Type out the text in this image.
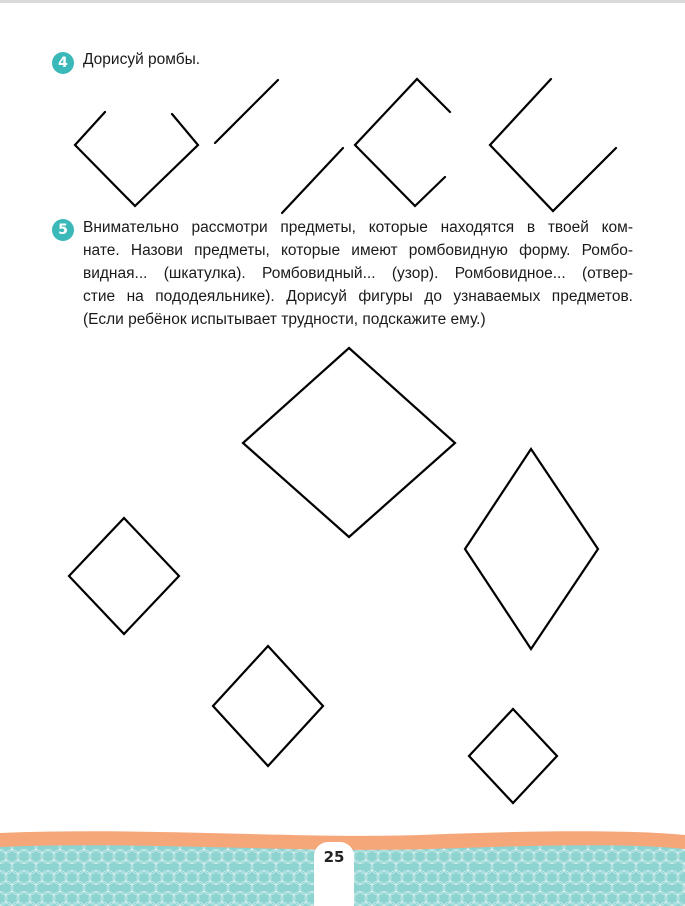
4 Дорисуй ромбы.
5 Внимательно рассмотри предметы, которые находятся в твоей ком-
нате. Назови предметы, которые имеют ромбовидную форму. Ромбо-
видная... (шкатулка). Ромбовидный... (узор). Ромбовидное... (отвер-
стие на пододеяльнике). Дорисуй фигуры до узнаваемых предметов.
(Если ребёнок испытывает трудности, подскажите ему.)
25
